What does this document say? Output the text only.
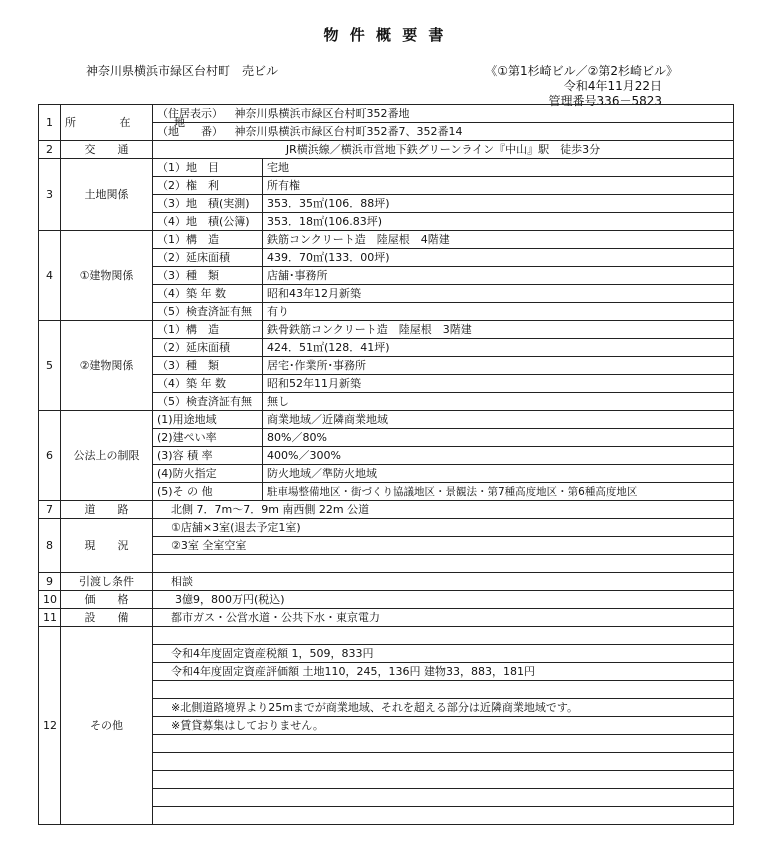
物 件 概 要 書
神奈川県横浜市緑区台村町　売ビル	《①第1杉崎ビル／②第2杉崎ビル》
令和4年11月22日
管理番号336－5823
1	所 在 地	（住居表示） 神奈川県横浜市緑区台村町352番地	
		（地　　番） 神奈川県横浜市緑区台村町352番7、352番14	
2	交　　通	JR横浜線／横浜市営地下鉄グリーンライン『中山』駅　徒歩3分	
3	土地関係	（1）地　目	宅地
		（2）権　利	所有権
		（3）地　積(実測)	353．35㎡(106．88坪)
		（4）地　積(公簿)	353．18㎡(106.83坪)
4	①建物関係	（1）構　造	鉄筋コンクリート造　陸屋根　4階建
		（2）延床面積	439．70㎡(133．00坪)
		（3）種　類	店舗･事務所
		（4）築 年 数	昭和43年12月新築
		（5）検査済証有無	有り
5	②建物関係	（1）構　造	鉄骨鉄筋コンクリート造　陸屋根　3階建
		（2）延床面積	424．51㎡(128．41坪)
		（3）種　類	居宅･作業所･事務所
		（4）築 年 数	昭和52年11月新築
		（5）検査済証有無	無し
6	公法上の制限	(1)用途地域	商業地域／近隣商業地域
		(2)建ぺい率	80%／80%
		(3)容 積 率	400%／300%
		(4)防火指定	防火地域／準防火地域
		(5)そ の 他	駐車場整備地区・街づくり協議地区・景観法・第7種高度地区・第6種高度地区
7	道　　路	北側 7．7m～7．9m 南西側 22m 公道	
8	現　　況	①店舗×3室(退去予定1室)	
		②3室 全室空室	

9	引渡し条件	相談	
10	価　　格	3億9，800万円(税込)	
11	設　　備	都市ガス・公営水道・公共下水・東京電力	
12	その他		
		令和4年度固定資産税額 1，509，833円	
		令和4年度固定資産評価額 土地110，245，136円 建物33，883，181円	

		※北側道路境界より25mまでが商業地域、それを超える部分は近隣商業地域です。	
		※賃貸募集はしておりません。	
